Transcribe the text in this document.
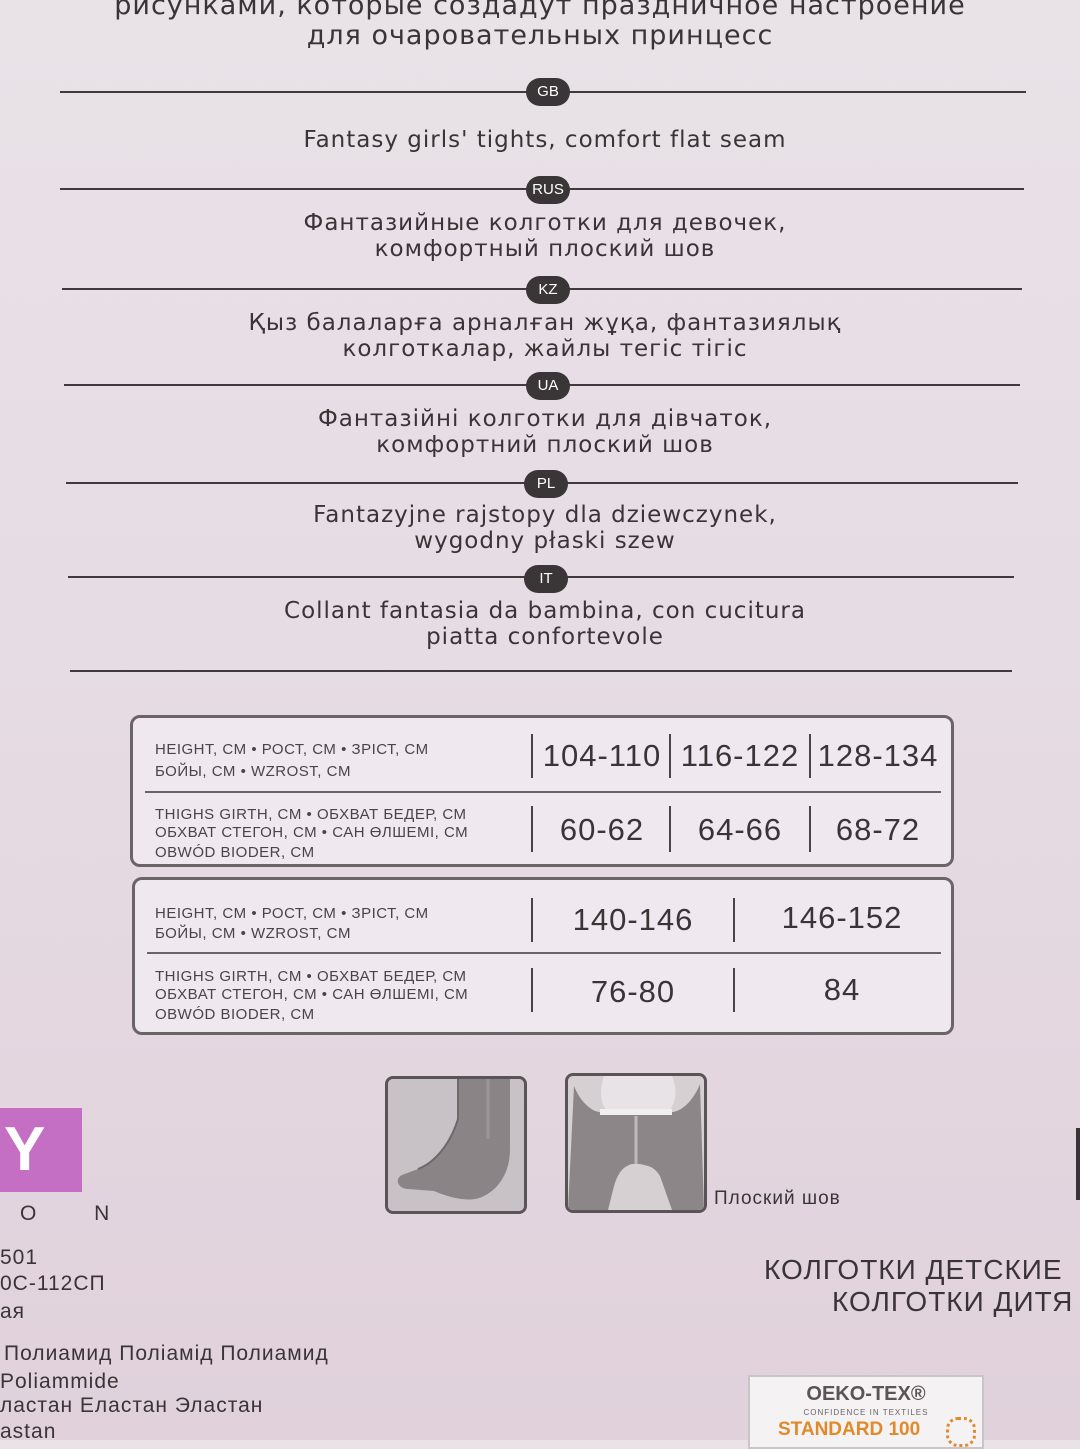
рисунками, которые создадут праздничное настроение
для очаровательных принцесс
GB
Fantasy girls' tights, comfort flat seam
RUS
Фантазийные колготки для девочек,
комфортный плоский шов
KZ
Қыз балаларға арналған жұқа, фантазиялық
колготкалар, жайлы тегіс тігіс
UA
Фантазійні колготки для дівчаток,
комфортний плоский шов
PL
Fantazyjne rajstopy dla dziewczynek,
wygodny płaski szew
IT
Collant fantasia da bambina, con cucitura
piatta confortevole
HEIGHT, CM • РОСТ, СМ • ЗРІСТ, СМ
БОЙЫ, СМ • WZROST, CM	104-110 116-122 128-134
THIGHS GIRTH, CM • ОБХВАТ БЕДЕР, СМ
ОБХВАТ СТЕГОН, СМ • САН ӨЛШЕМІ, СМ
OBWÓD BIODER, CM
60-62	64-66	68-72
HEIGHT, CM • РОСТ, СМ • ЗРІСТ, СМ
БОЙЫ, СМ • WZROST, CM	140-146	146-152
THIGHS GIRTH, CM • ОБХВАТ БЕДЕР, СМ
ОБХВАТ СТЕГОН, СМ • САН ӨЛШЕМІ, СМ
OBWÓD BIODER, CM
76-80	84
Плоский шов
Y
O N
501
0С-112СП
ая
Полиамид Поліамід Полиамид
Poliammide
ластан Еластан Эластан
astan
КОЛГОТКИ ДЕТСКИЕ
КОЛГОТКИ ДИТЯ
OEKO-TEX®
CONFIDENCE IN TEXTILES
STANDARD 100
